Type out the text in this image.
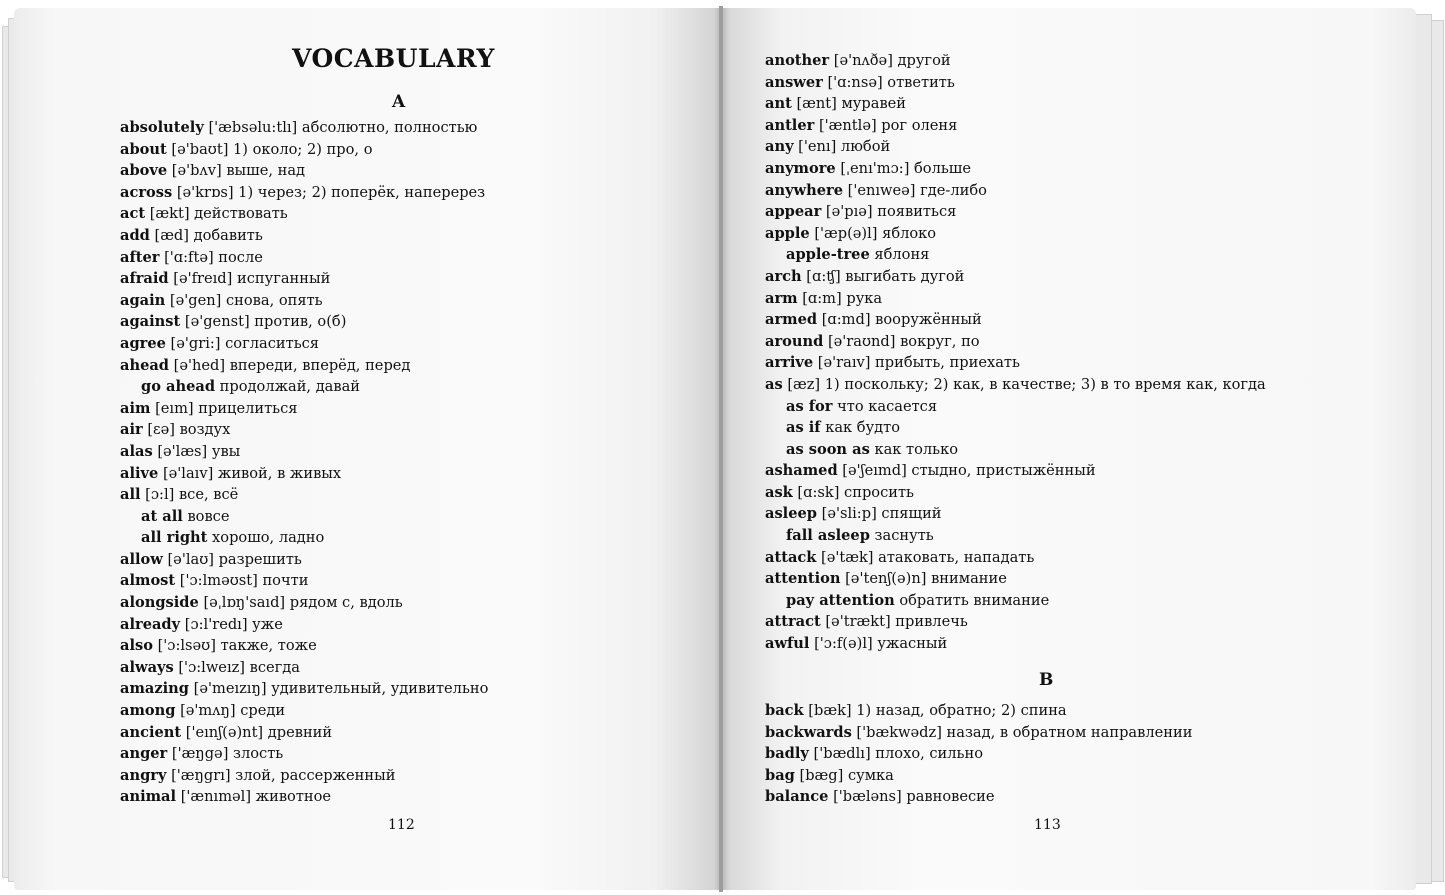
VOCABULARY
A
absolutely ['æbsəlu:tlı] абсолютно, полностью
about [ə'baʊt] 1) около; 2) про, о
above [ə'bʌv] выше, над
across [ə'krɒs] 1) через; 2) поперёк, наперерез
act [ækt] действовать
add [æd] добавить
after ['ɑ:ftə] после
afraid [ə'freıd] испуганный
again [ə'gen] снова, опять
against [ə'genst] против, о(б)
agree [ə'gri:] согласиться
ahead [ə'hed] впереди, вперёд, перед
go ahead продолжай, давай
aim [eım] прицелиться
air [ɛə] воздух
alas [ə'læs] увы
alive [ə'laıv] живой, в живых
all [ɔ:l] все, всё
at all вовсе
all right хорошо, ладно
allow [ə'laʊ] разрешить
almost ['ɔ:lməʊst] почти
alongside [əˌlɒŋ'saıd] рядом с, вдоль
already [ɔ:l'redı] уже
also ['ɔ:lsəʊ] также, тоже
always ['ɔ:lweız] всегда
amazing [ə'meızıŋ] удивительный, удивительно
among [ə'mʌŋ] среди
ancient ['eınʃ(ə)nt] древний
anger ['æŋgə] злость
angry ['æŋgrı] злой, рассерженный
animal ['ænıməl] животное
112
another [ə'nʌðə] другой
answer ['ɑ:nsə] ответить
ant [ænt] муравей
antler ['æntlə] рог оленя
any ['enı] любой
anymore [ˌenı'mɔ:] больше
anywhere ['enıweə] где-либо
appear [ə'pıə] появиться
apple ['æp(ə)l] яблоко
apple-tree яблоня
arch [ɑ:ʧ] выгибать дугой
arm [ɑ:m] рука
armed [ɑ:md] вооружённый
around [ə'raʊnd] вокруг, по
arrive [ə'raıv] прибыть, приехать
as [æz] 1) поскольку; 2) как, в качестве; 3) в то время как, когда
as for что касается
as if как будто
as soon as как только
ashamed [ə'ʃeımd] стыдно, пристыжённый
ask [ɑ:sk] спросить
asleep [ə'sli:p] спящий
fall asleep заснуть
attack [ə'tæk] атаковать, нападать
attention [ə'tenʃ(ə)n] внимание
pay attention обратить внимание
attract [ə'trækt] привлечь
awful ['ɔ:f(ə)l] ужасный
B
back [bæk] 1) назад, обратно; 2) спина
backwards ['bækwədz] назад, в обратном направлении
badly ['bædlı] плохо, сильно
bag [bæg] сумка
balance ['bæləns] равновесие
113
